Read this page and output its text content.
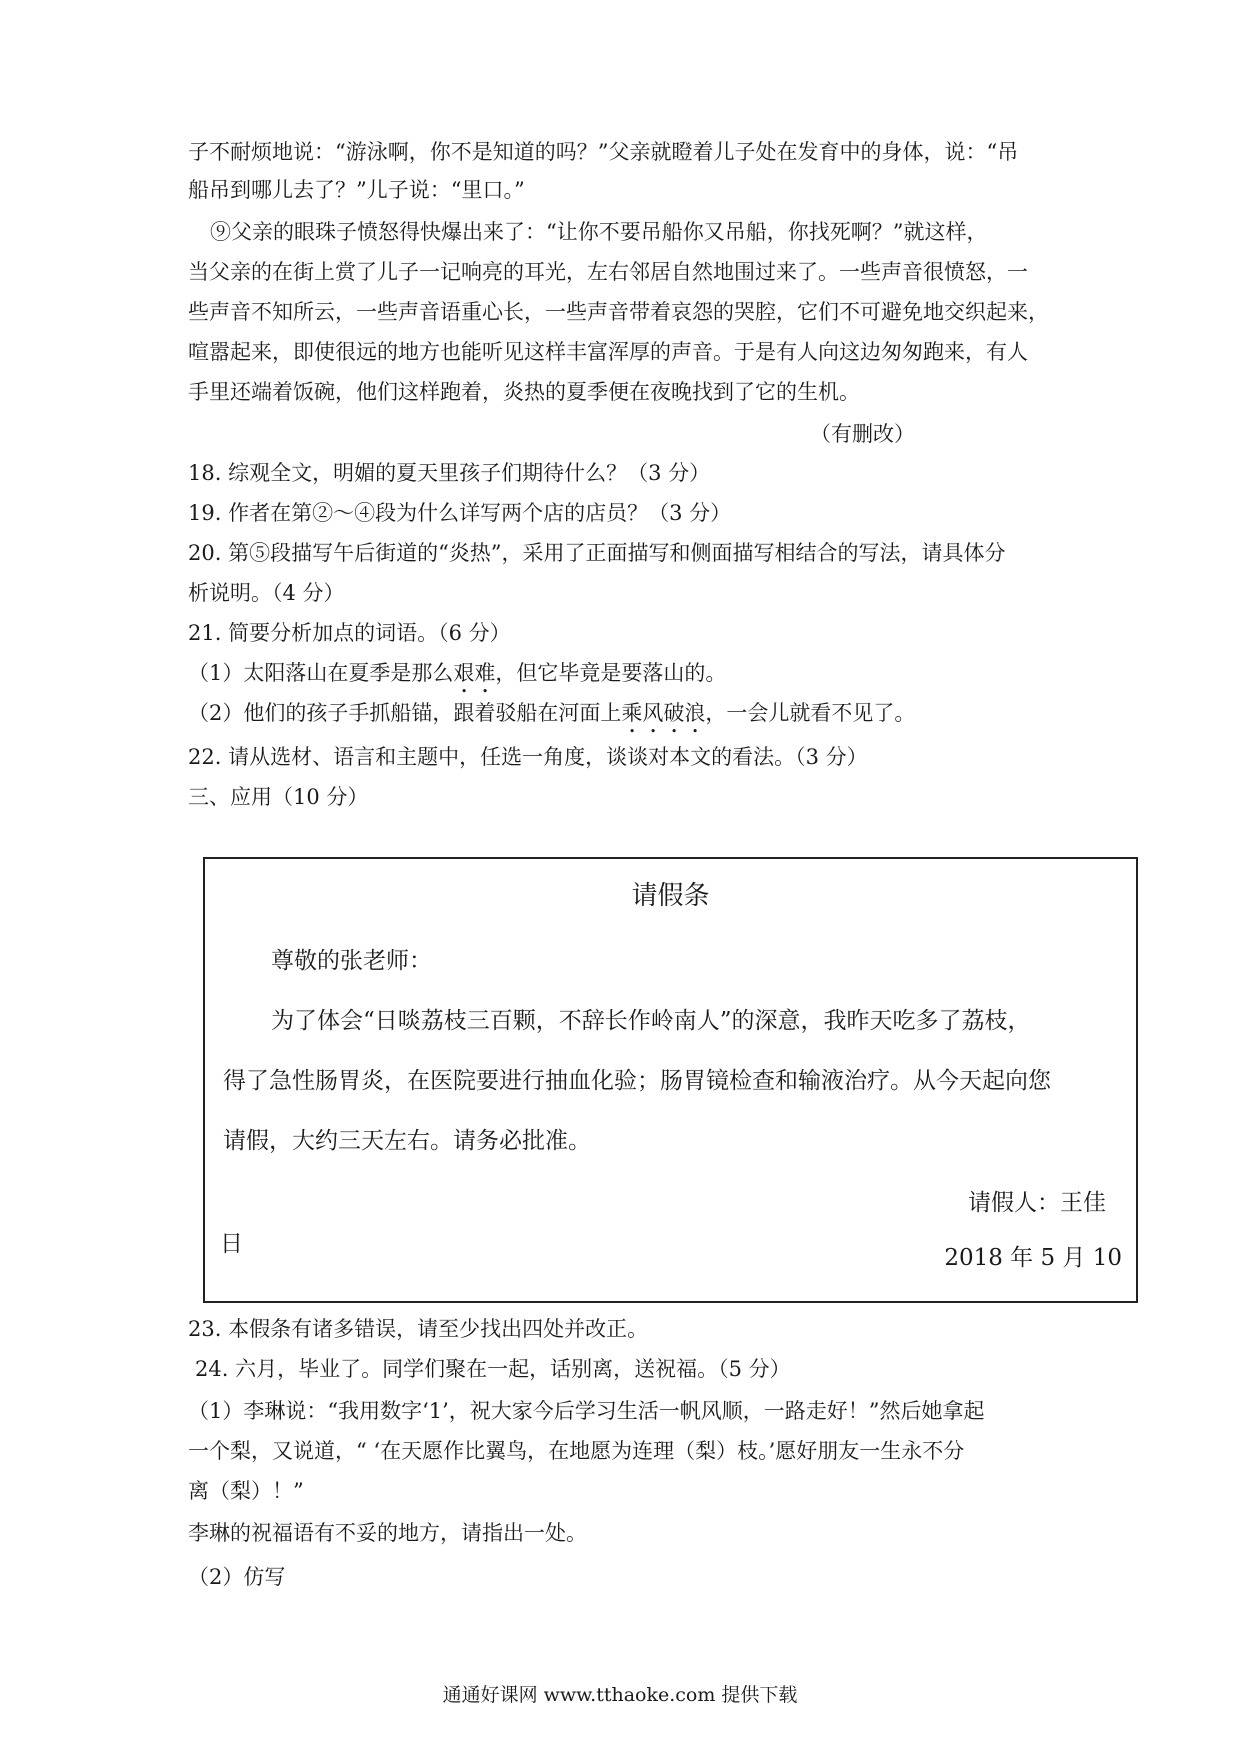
子不耐烦地说：“游泳啊，你不是知道的吗？”父亲就瞪着儿子处在发育中的身体，说：“吊
船吊到哪儿去了？”儿子说：“里口。”
⑨父亲的眼珠子愤怒得快爆出来了：“让你不要吊船你又吊船，你找死啊？”就这样，
当父亲的在街上赏了儿子一记响亮的耳光，左右邻居自然地围过来了。一些声音很愤怒，一
些声音不知所云，一些声音语重心长，一些声音带着哀怨的哭腔，它们不可避免地交织起来，
喧嚣起来，即使很远的地方也能听见这样丰富浑厚的声音。于是有人向这边匆匆跑来，有人
手里还端着饭碗，他们这样跑着，炎热的夏季便在夜晚找到了它的生机。
（有删改）
18. 综观全文，明媚的夏天里孩子们期待什么？（3 分）
19. 作者在第②～④段为什么详写两个店的店员？（3 分）
20. 第⑤段描写午后街道的“炎热”，采用了正面描写和侧面描写相结合的写法，请具体分
析说明。（4 分）
21. 简要分析加点的词语。（6 分）
（1）太阳落山在夏季是那么艰难，但它毕竟是要落山的。
（2）他们的孩子手抓船锚，跟着驳船在河面上乘风破浪，一会儿就看不见了。
22. 请从选材、语言和主题中，任选一角度，谈谈对本文的看法。（3 分）
三、应用（10 分）
请假条
尊敬的张老师：
为了体会“日啖荔枝三百颗，不辞长作岭南人”的深意，我昨天吃多了荔枝，
得了急性肠胃炎，在医院要进行抽血化验；肠胃镜检查和输液治疗。从今天起向您
请假，大约三天左右。请务必批准。
请假人：王佳
2018 年 5 月 10
日
23. 本假条有诸多错误，请至少找出四处并改正。
24. 六月，毕业了。同学们聚在一起，话别离，送祝福。（5 分）
（1）李琳说：“我用数字‘1’，祝大家今后学习生活一帆风顺，一路走好！”然后她拿起
一个梨，又说道，“ ‘在天愿作比翼鸟，在地愿为连理（梨）枝。’愿好朋友一生永不分
离（梨）！”
李琳的祝福语有不妥的地方，请指出一处。
（2）仿写
通通好课网 www.tthaoke.com 提供下载
